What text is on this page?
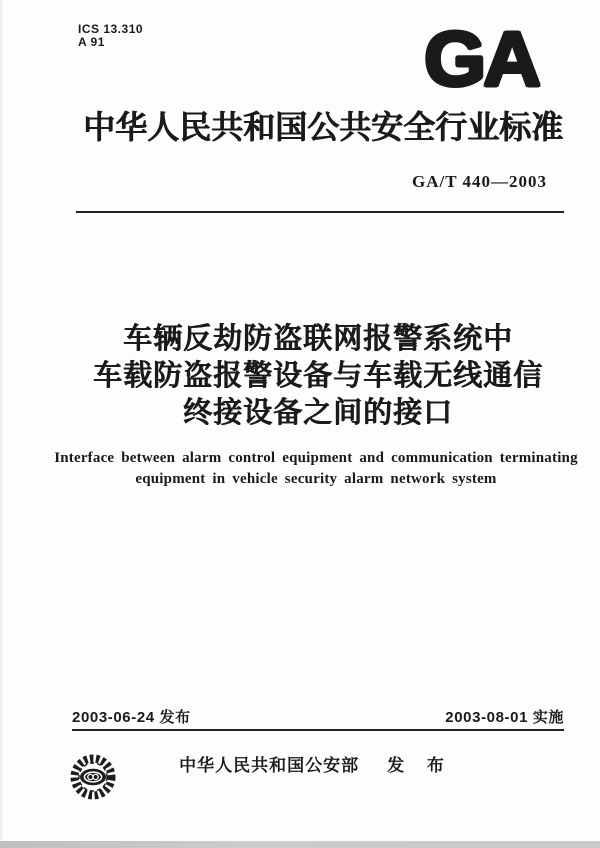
ICS 13.310
A 91	GA
中华人民共和国公共安全行业标准
GA/T 440—2003
车辆反劫防盗联网报警系统中
车载防盗报警设备与车载无线通信
终接设备之间的接口
Interface between alarm control equipment and communication terminating
equipment in vehicle security alarm network system
2003-06-24 发布	2003-08-01 实施
中华人民共和国公安部 发 布
